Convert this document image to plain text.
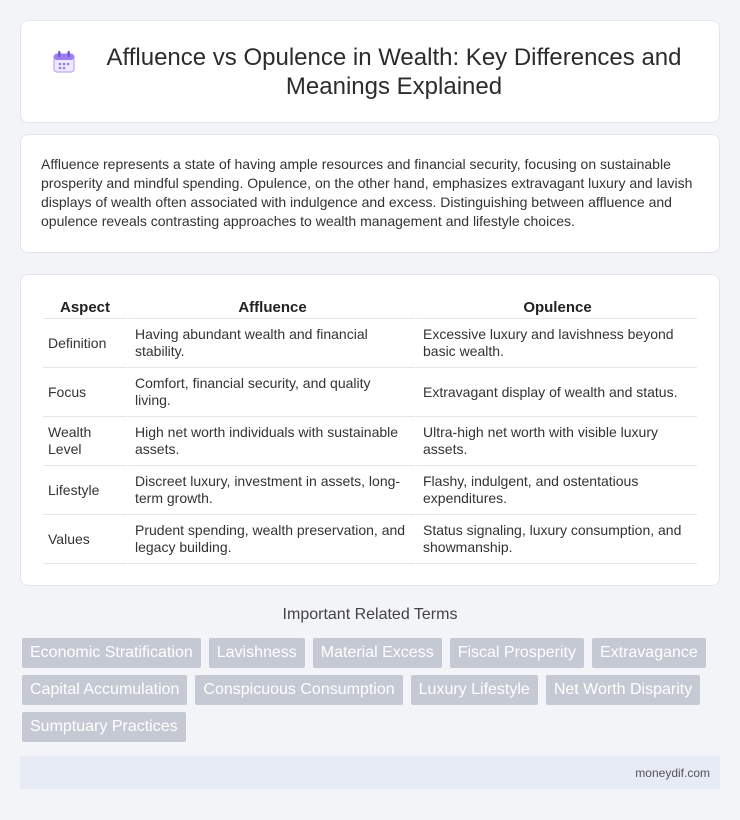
Affluence vs Opulence in Wealth: Key Differences and Meanings Explained

Affluence represents a state of having ample resources and financial security, focusing on sustainable prosperity and mindful spending. Opulence, on the other hand, emphasizes extravagant luxury and lavish displays of wealth often associated with indulgence and excess. Distinguishing between affluence and opulence reveals contrasting approaches to wealth management and lifestyle choices.

Aspect	Affluence	Opulence
Definition	Having abundant wealth and financial stability.	Excessive luxury and lavishness beyond basic wealth.
Focus	Comfort, financial security, and quality living.	Extravagant display of wealth and status.
Wealth Level	High net worth individuals with sustainable assets.	Ultra-high net worth with visible luxury assets.
Lifestyle	Discreet luxury, investment in assets, long-term growth.	Flashy, indulgent, and ostentatious expenditures.
Values	Prudent spending, wealth preservation, and legacy building.	Status signaling, luxury consumption, and showmanship.
Important Related Terms
Economic Stratification	Lavishness	Material Excess	Fiscal Prosperity	Extravagance
Capital Accumulation	Conspicuous Consumption	Luxury Lifestyle	Net Worth Disparity
Sumptuary Practices
moneydif.com
